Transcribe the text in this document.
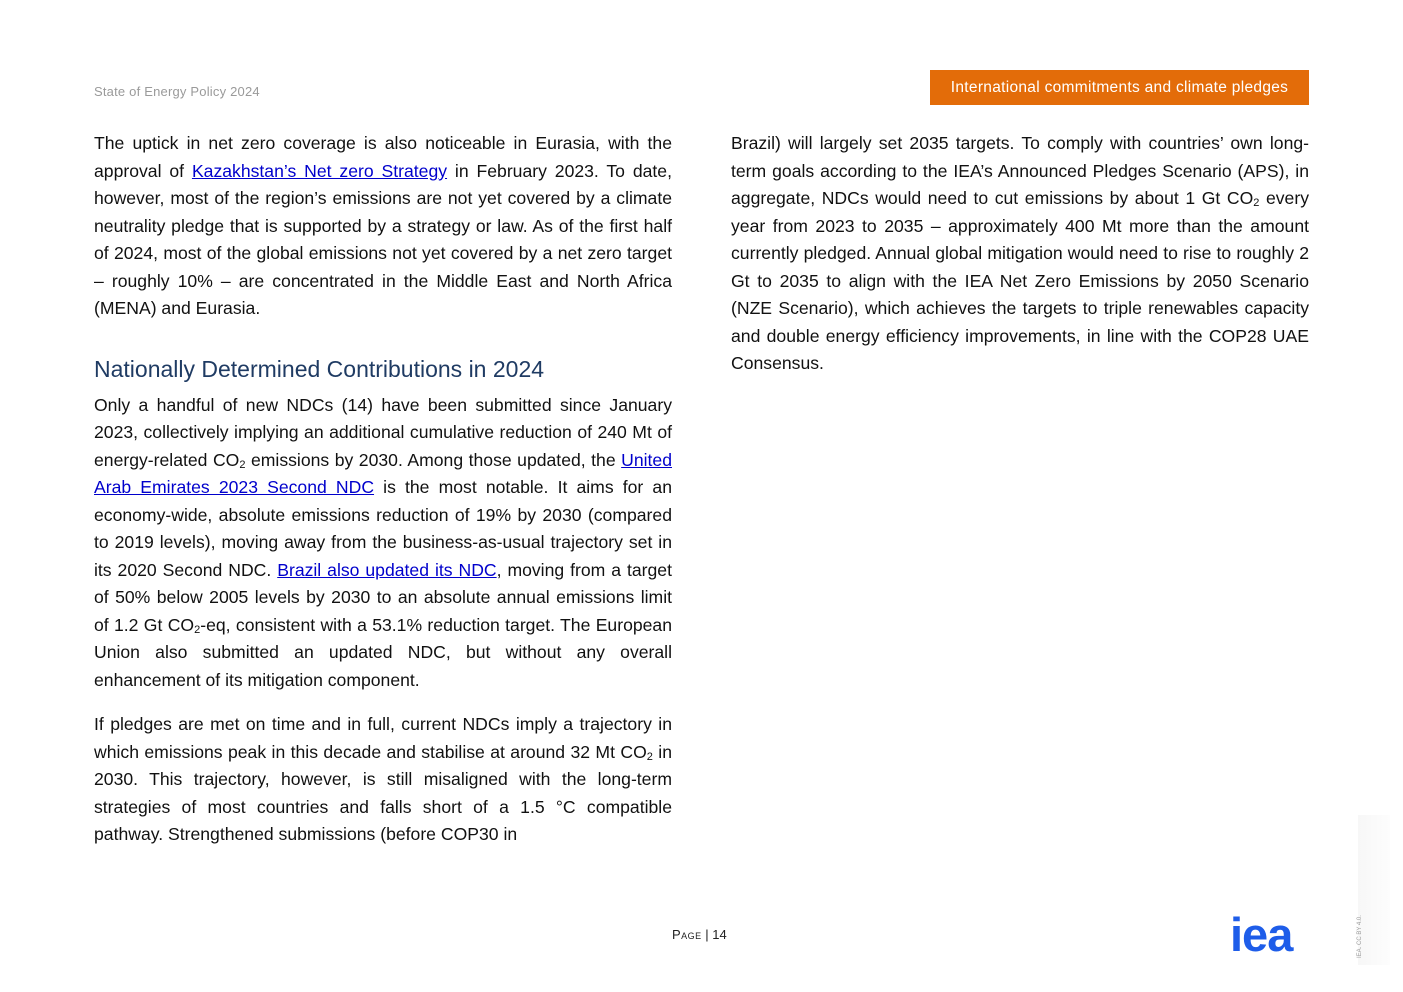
State of Energy Policy 2024	International commitments and climate pledges

The uptick in net zero coverage is also noticeable in Eurasia, with the approval of Kazakhstan’s Net zero Strategy in February 2023. To date, however, most of the region’s emissions are not yet covered by a climate neutrality pledge that is supported by a strategy or law. As of the first half of 2024, most of the global emissions not yet covered by a net zero target – roughly 10% – are concentrated in the Middle East and North Africa (MENA) and Eurasia.

Nationally Determined Contributions in 2024

Only a handful of new NDCs (14) have been submitted since January 2023, collectively implying an additional cumulative reduction of 240 Mt of energy-related $CO_2$ emissions by 2030. Among those updated, the United Arab Emirates 2023 Second NDC is the most notable. It aims for an economy-wide, absolute emissions reduction of 19% by 2030 (compared to 2019 levels), moving away from the business-as-usual trajectory set in its 2020 Second NDC. Brazil also updated its NDC, moving from a target of 50% below 2005 levels by 2030 to an absolute annual emissions limit of 1.2 Gt $CO_2-eq$, consistent with a 53.1% reduction target. The European Union also submitted an updated NDC, but without any overall enhancement of its mitigation component.

If pledges are met on time and in full, current NDCs imply a trajectory in which emissions peak in this decade and stabilise at around 32 Mt $CO_2$ in 2030. This trajectory, however, is still misaligned with the long-term strategies of most countries and falls short of a 1.5 °C compatible pathway. Strengthened submissions (before COP30 in

Brazil) will largely set 2035 targets. To comply with countries’ own long-term goals according to the IEA’s Announced Pledges Scenario (APS), in aggregate, NDCs would need to cut emissions by about 1 Gt $CO_2$ every year from 2023 to 2035 – approximately 400 Mt more than the amount currently pledged. Annual global mitigation would need to rise to roughly 2 Gt to 2035 to align with the IEA Net Zero Emissions by 2050 Scenario (NZE Scenario), which achieves the targets to triple renewables capacity and double energy efficiency improvements, in line with the COP28 UAE Consensus.

Page | 14	iea	IEA. CC BY 4.0.
